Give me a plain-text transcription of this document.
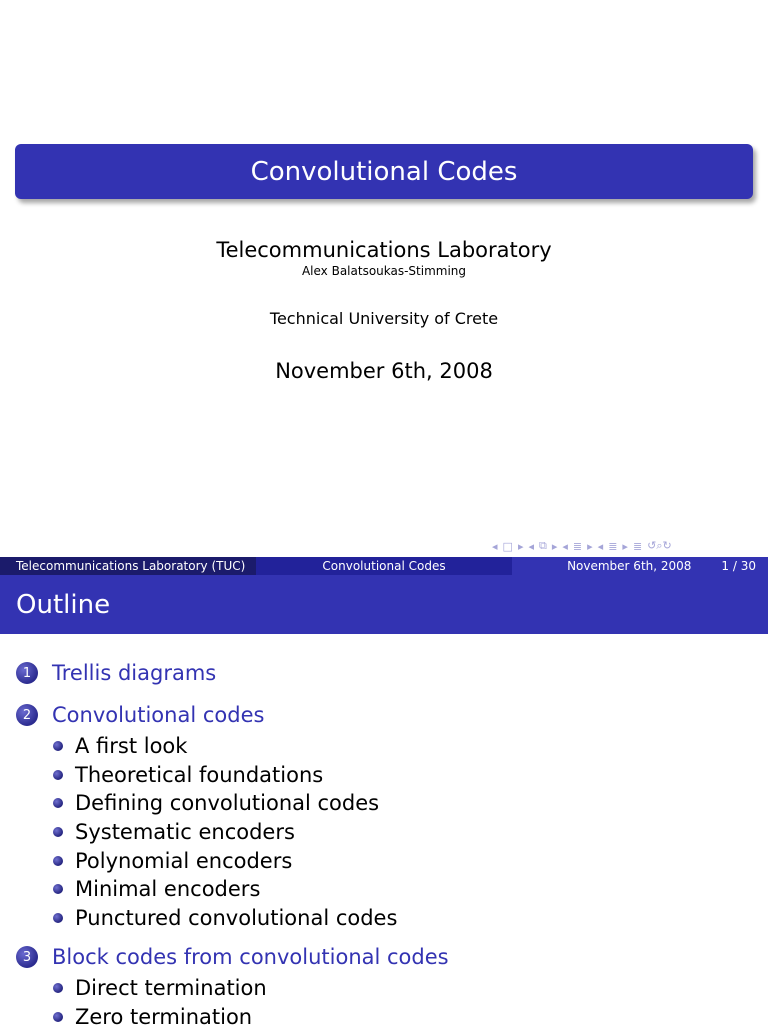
Convolutional Codes
Telecommunications Laboratory
Alex Balatsoukas-Stimming
Technical University of Crete
November 6th, 2008
◂ □ ▸ ◂ ⧉ ▸ ◂ ≣ ▸ ◂ ≣ ▸ ≣ ↺⌕↻
Telecommunications Laboratory (TUC)	Convolutional Codes	November 6th, 2008	1 / 30
Outline
1 Trellis diagrams
2 Convolutional codes
A first look
Theoretical foundations
Defining convolutional codes
Systematic encoders
Polynomial encoders
Minimal encoders
Punctured convolutional codes
3 Block codes from convolutional codes
Direct termination
Zero termination
